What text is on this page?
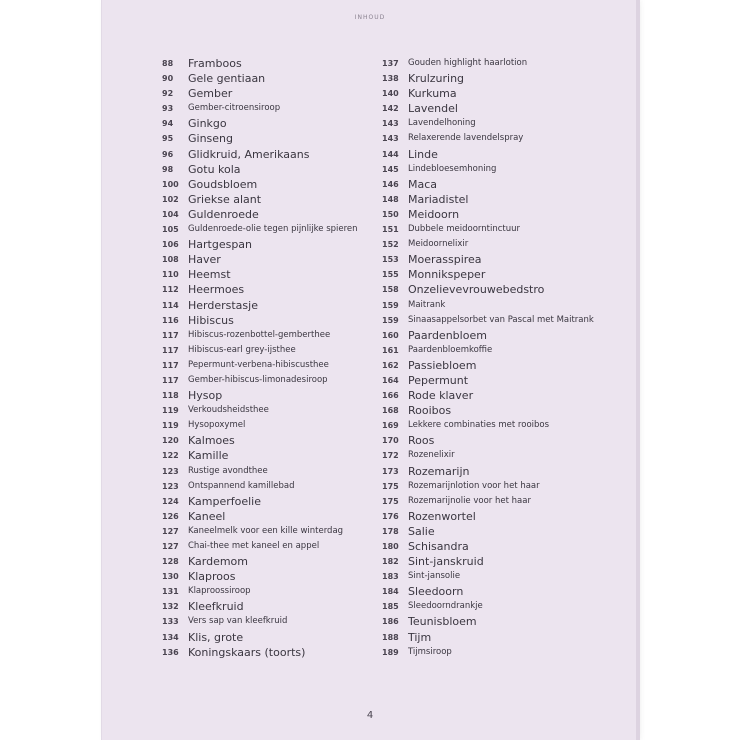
INHOUD
88	Framboos
90	Gele gentiaan
92	Gember
93	Gember-citroensiroop
94	Ginkgo
95	Ginseng
96	Glidkruid, Amerikaans
98	Gotu kola
100 Goudsbloem
102 Griekse alant
104 Guldenroede
105	Guldenroede-olie tegen pijnlijke spieren
106 Hartgespan
108 Haver
110 Heemst
112 Heermoes
114 Herderstasje
116 Hibiscus
117	Hibiscus-rozenbottel-gemberthee
117	Hibiscus-earl grey-ijsthee
117	Pepermunt-verbena-hibiscusthee
117	Gember-hibiscus-limonadesiroop
118 Hysop
119	Verkoudsheidsthee
119	Hysopoxymel
120 Kalmoes
122 Kamille
123	Rustige avondthee
123	Ontspannend kamillebad
124 Kamperfoelie
126 Kaneel
127	Kaneelmelk voor een kille winterdag
127	Chai-thee met kaneel en appel
128 Kardemom
130 Klaproos
131	Klaproossiroop
132 Kleefkruid
133	Vers sap van kleefkruid
134 Klis, grote
136 Koningskaars (toorts)
137	Gouden highlight haarlotion
138 Krulzuring
140 Kurkuma
142 Lavendel
143	Lavendelhoning
143	Relaxerende lavendelspray
144 Linde
145	Lindebloesemhoning
146 Maca
148 Mariadistel
150 Meidoorn
151	Dubbele meidoorntinctuur
152	Meidoornelixir
153 Moerasspirea
155 Monnikspeper
158 Onzelievevrouwebedstro
159	Maitrank
159	Sinaasappelsorbet van Pascal met Maitrank
160 Paardenbloem
161	Paardenbloemkoffie
162 Passiebloem
164 Pepermunt
166 Rode klaver
168 Rooibos
169	Lekkere combinaties met rooibos
170 Roos
172	Rozenelixir
173 Rozemarijn
175	Rozemarijnlotion voor het haar
175	Rozemarijnolie voor het haar
176 Rozenwortel
178 Salie
180 Schisandra
182 Sint-janskruid
183	Sint-jansolie
184 Sleedoorn
185	Sleedoorndrankje
186 Teunisbloem
188 Tijm
189	Tijmsiroop
4
